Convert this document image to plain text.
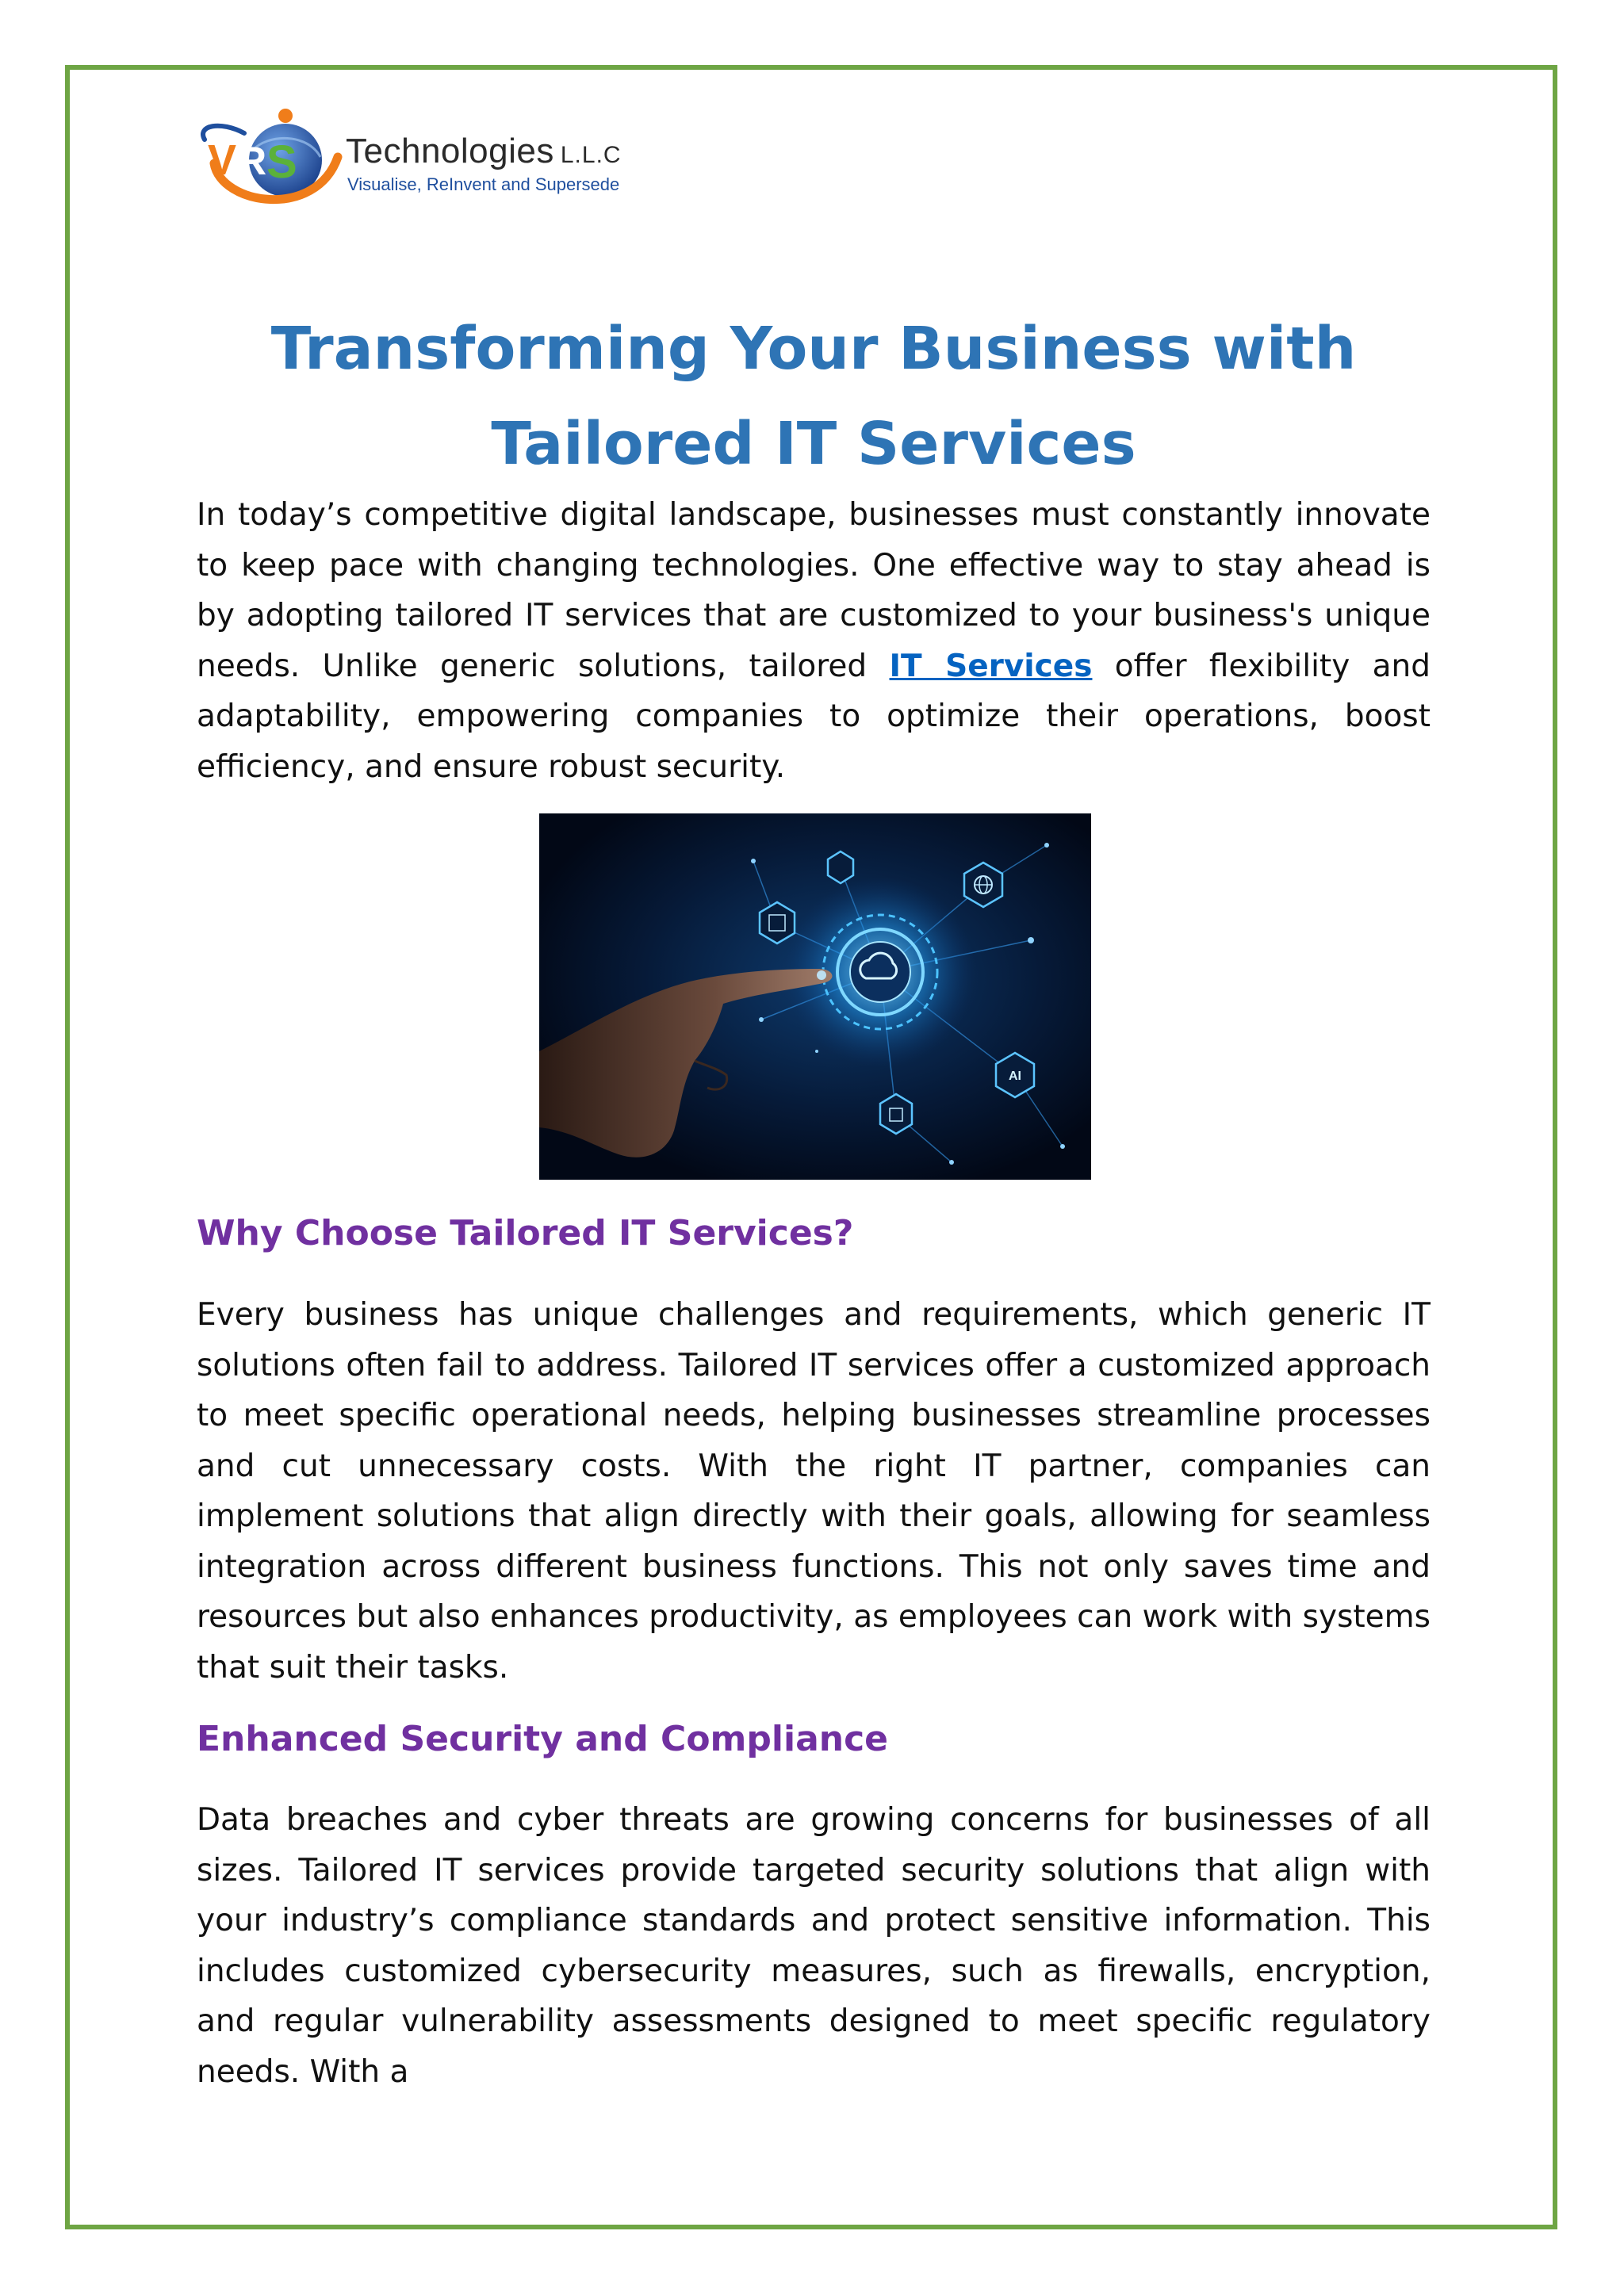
V R S Technologies L.L.C
Visualise, ReInvent and Supersede
Transforming Your Business with Tailored IT Services

In today’s competitive digital landscape, businesses must constantly innovate to keep pace with changing technologies. One effective way to stay ahead is by adopting tailored IT services that are customized to your business's unique needs. Unlike generic solutions, tailored IT Services offer flexibility and adaptability, empowering companies to optimize their operations, boost efficiency, and ensure robust security.

AI
Why Choose Tailored IT Services?

Every business has unique challenges and requirements, which generic IT solutions often fail to address. Tailored IT services offer a customized approach to meet specific operational needs, helping businesses streamline processes and cut unnecessary costs. With the right IT partner, companies can implement solutions that align directly with their goals, allowing for seamless integration across different business functions. This not only saves time and resources but also enhances productivity, as employees can work with systems that suit their tasks.

Enhanced Security and Compliance

Data breaches and cyber threats are growing concerns for businesses of all sizes. Tailored IT services provide targeted security solutions that align with your industry’s compliance standards and protect sensitive information. This includes customized cybersecurity measures, such as firewalls, encryption, and regular vulnerability assessments designed to meet specific regulatory needs. With a
